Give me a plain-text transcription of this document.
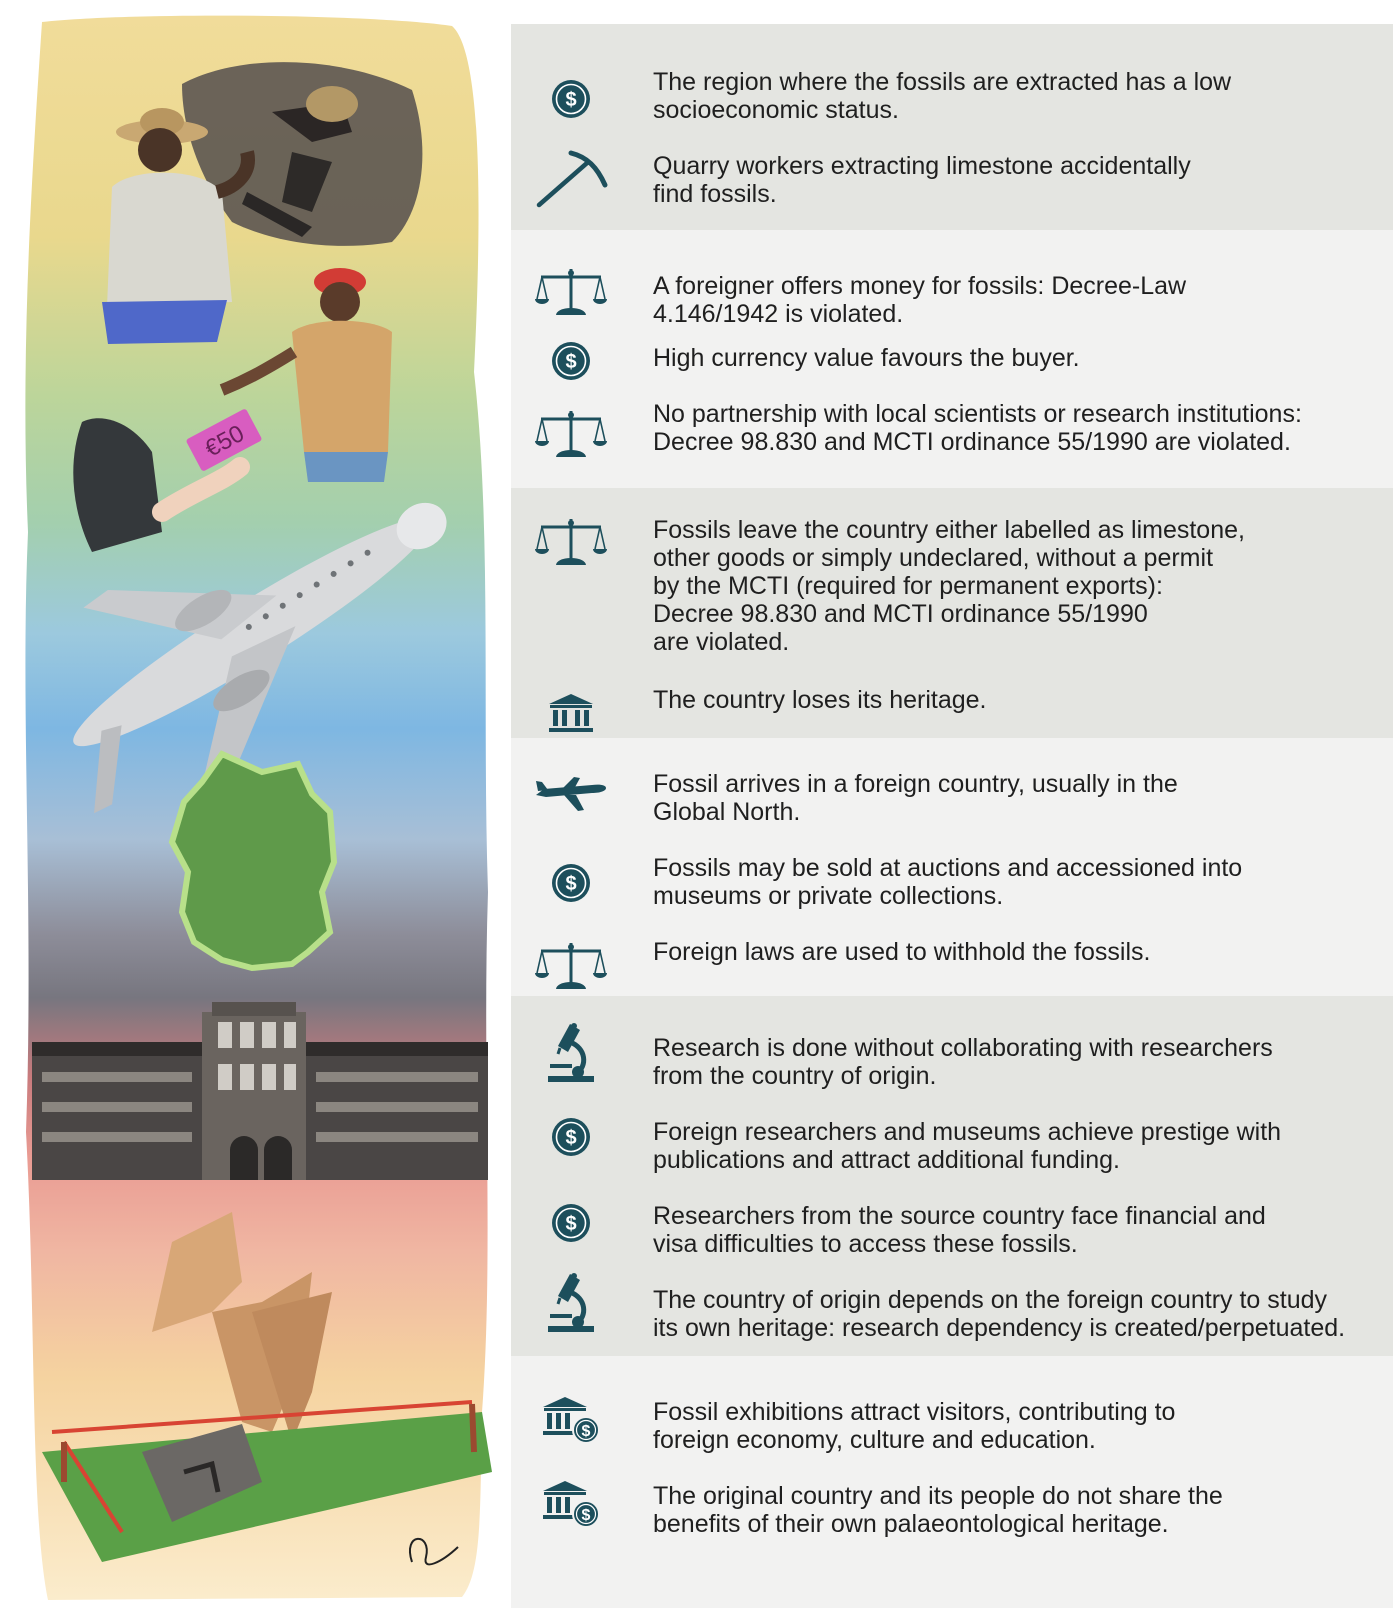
€50
$
The region where the fossils are extracted has a low
socioeconomic status.
Quarry workers extracting limestone accidentally
find fossils.
A foreigner offers money for fossils: Decree-Law
4.146/1942 is violated.
$	High currency value favours the buyer.
No partnership with local scientists or research institutions:
Decree 98.830 and MCTI ordinance 55/1990 are violated.
Fossils leave the country either labelled as limestone,
other goods or simply undeclared, without a permit
by the MCTI (required for permanent exports):
Decree 98.830 and MCTI ordinance 55/1990
are violated.
The country loses its heritage.
Fossil arrives in a foreign country, usually in the
Global North.
$
Fossils may be sold at auctions and accessioned into
museums or private collections.
Foreign laws are used to withhold the fossils.
Research is done without collaborating with researchers
from the country of origin.
$	Foreign researchers and museums achieve prestige with
publications and attract additional funding.
$	Researchers from the source country face financial and
visa difficulties to access these fossils.
The country of origin depends on the foreign country to study
its own heritage: research dependency is created/perpetuated.
$
Fossil exhibitions attract visitors, contributing to
foreign economy, culture and education.
$
The original country and its people do not share the
benefits of their own palaeontological heritage.
